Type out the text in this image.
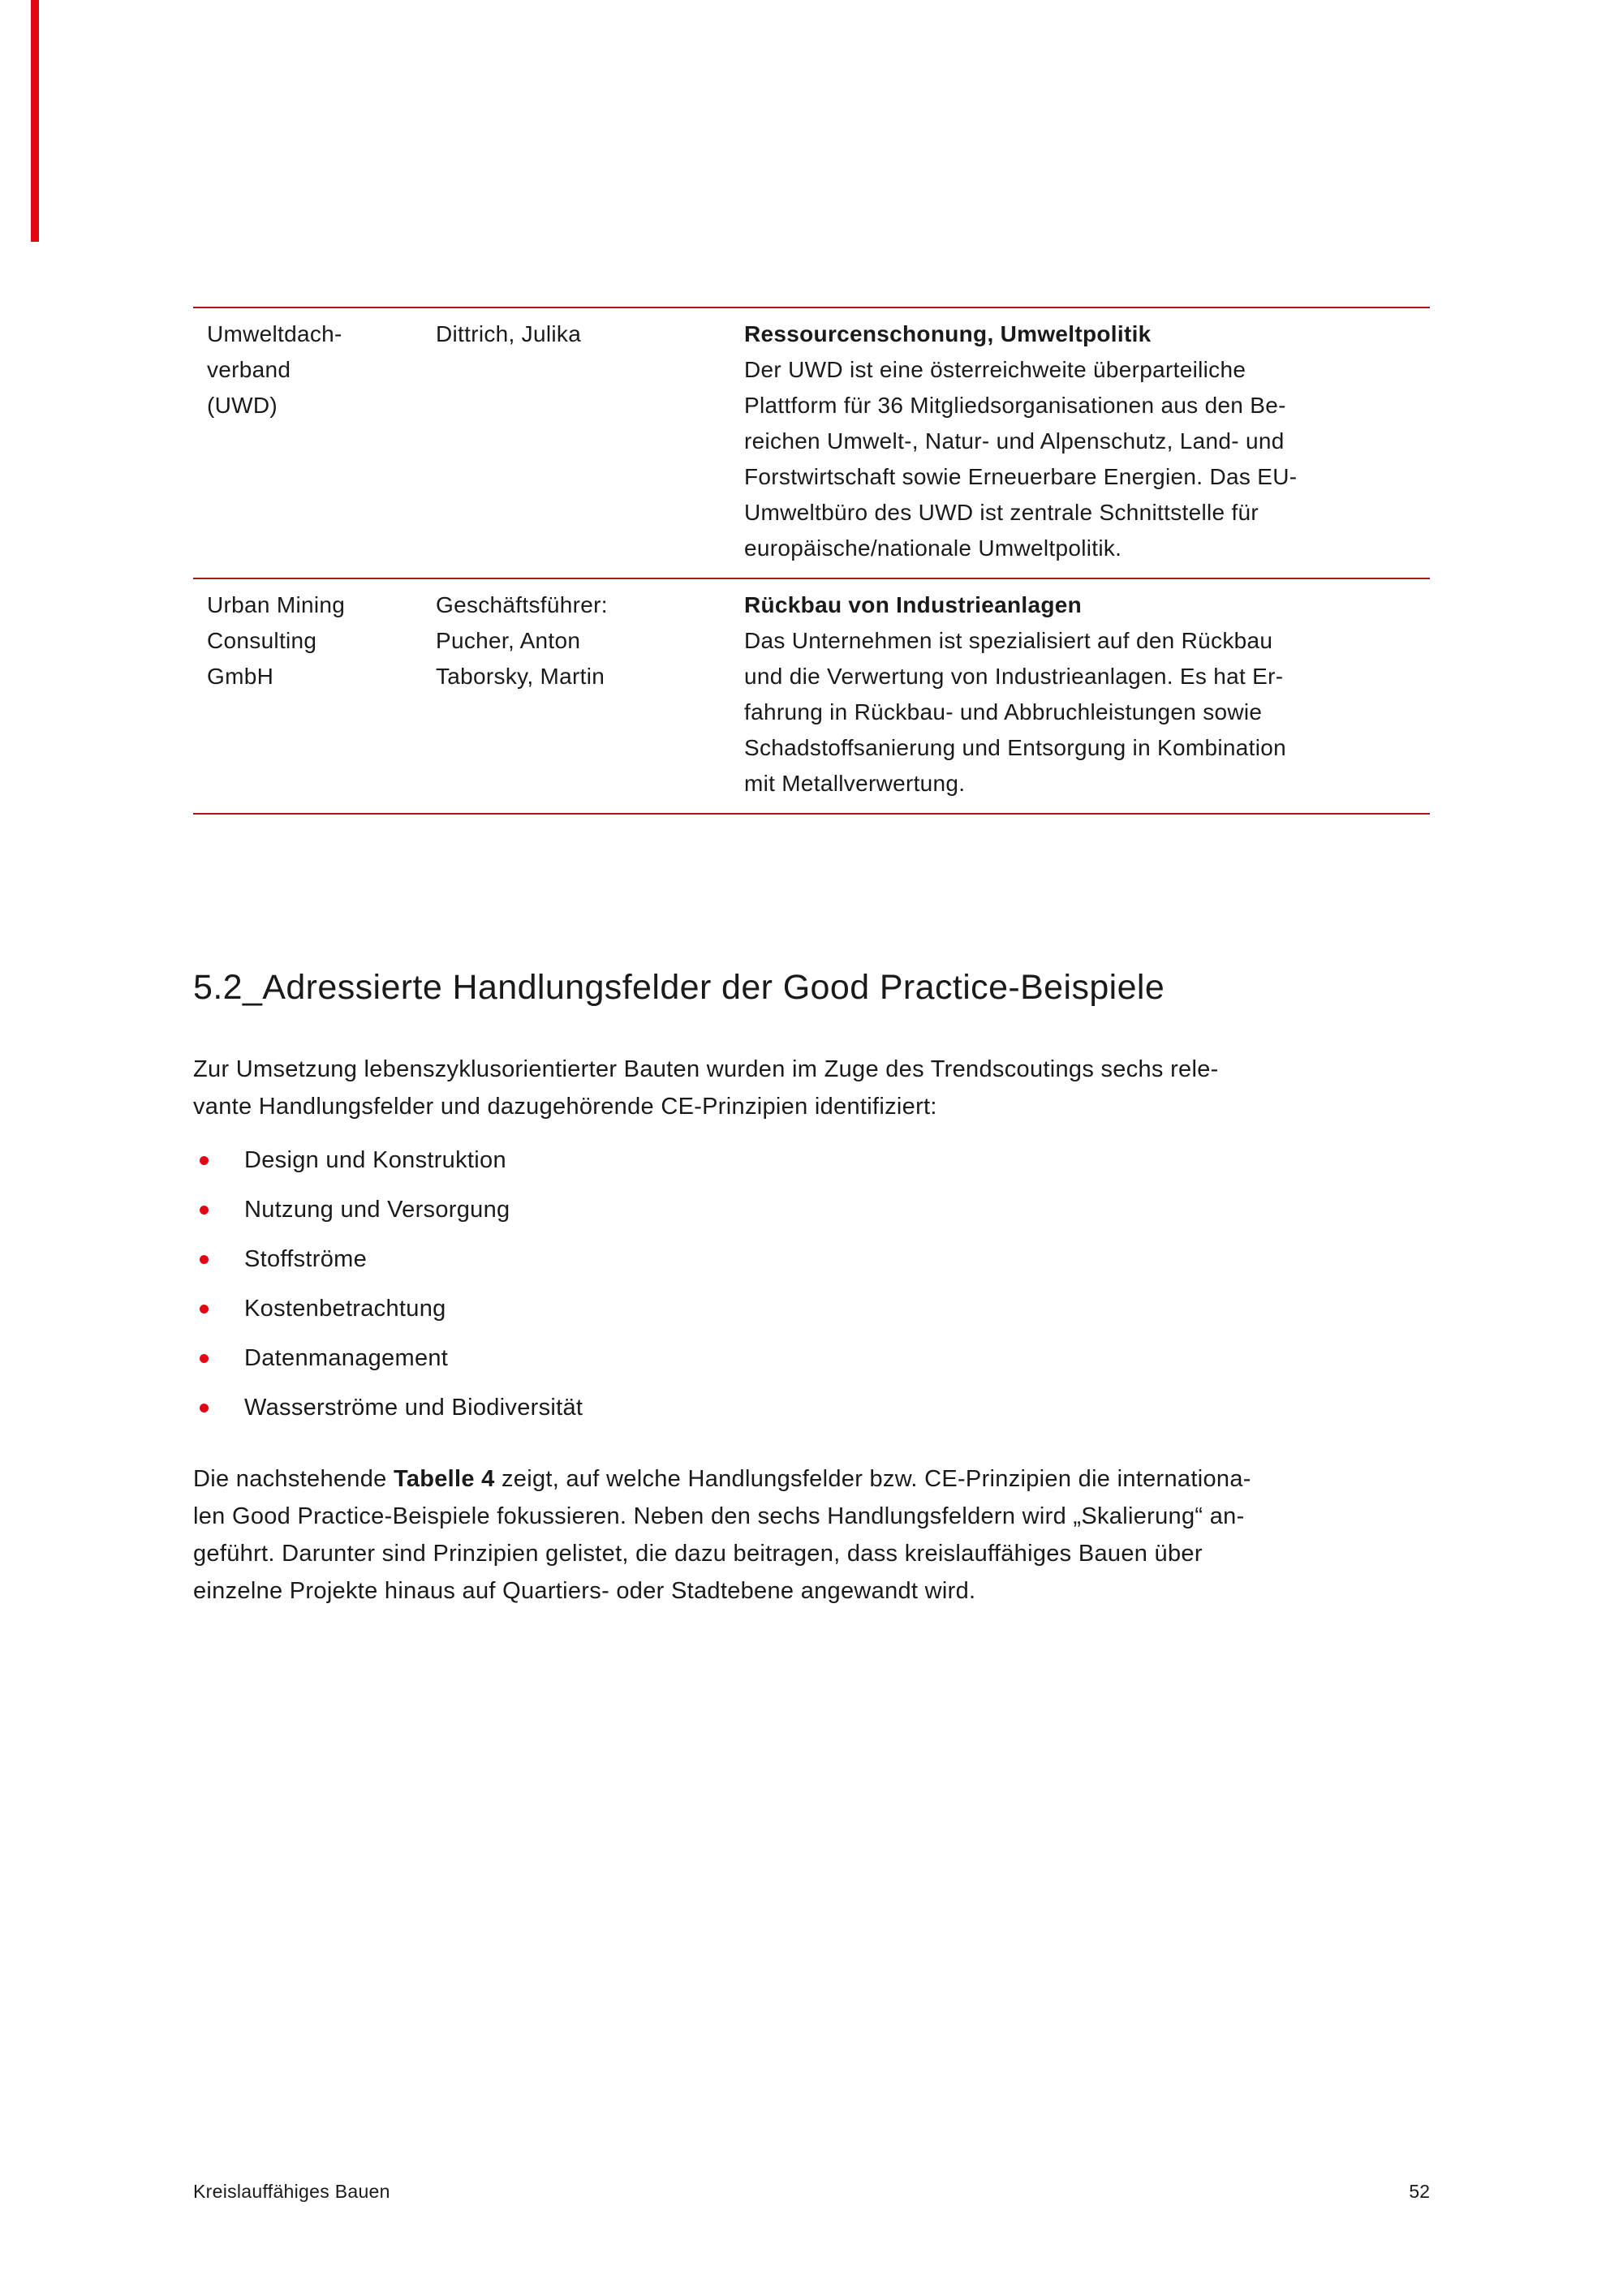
Umweltdach-
verband
(UWD)
Dittrich, Julika	Ressourcenschonung, Umweltpolitik
Der UWD ist eine österreichweite überparteiliche
Plattform für 36 Mitgliedsorganisationen aus den Be-
reichen Umwelt-, Natur- und Alpenschutz, Land- und
Forstwirtschaft sowie Erneuerbare Energien. Das EU-
Umweltbüro des UWD ist zentrale Schnittstelle für
europäische/nationale Umweltpolitik.
Urban Mining
Consulting
GmbH
Geschäftsführer:
Pucher, Anton
Taborsky, Martin
Rückbau von Industrieanlagen
Das Unternehmen ist spezialisiert auf den Rückbau
und die Verwertung von Industrieanlagen. Es hat Er-
fahrung in Rückbau- und Abbruchleistungen sowie
Schadstoffsanierung und Entsorgung in Kombination
mit Metallverwertung.
5.2_Adressierte Handlungsfelder der Good Practice-Beispiele
Zur Umsetzung lebenszyklusorientierter Bauten wurden im Zuge des Trendscoutings sechs rele-
vante Handlungsfelder und dazugehörende CE-Prinzipien identifiziert:
Design und Konstruktion
Nutzung und Versorgung
Stoffströme
Kostenbetrachtung
Datenmanagement
Wasserströme und Biodiversität
Die nachstehende Tabelle 4 zeigt, auf welche Handlungsfelder bzw. CE-Prinzipien die internationa-
len Good Practice-Beispiele fokussieren. Neben den sechs Handlungsfeldern wird „Skalierung“ an-
geführt. Darunter sind Prinzipien gelistet, die dazu beitragen, dass kreislauffähiges Bauen über
einzelne Projekte hinaus auf Quartiers- oder Stadtebene angewandt wird.
Kreislauffähiges Bauen	52
